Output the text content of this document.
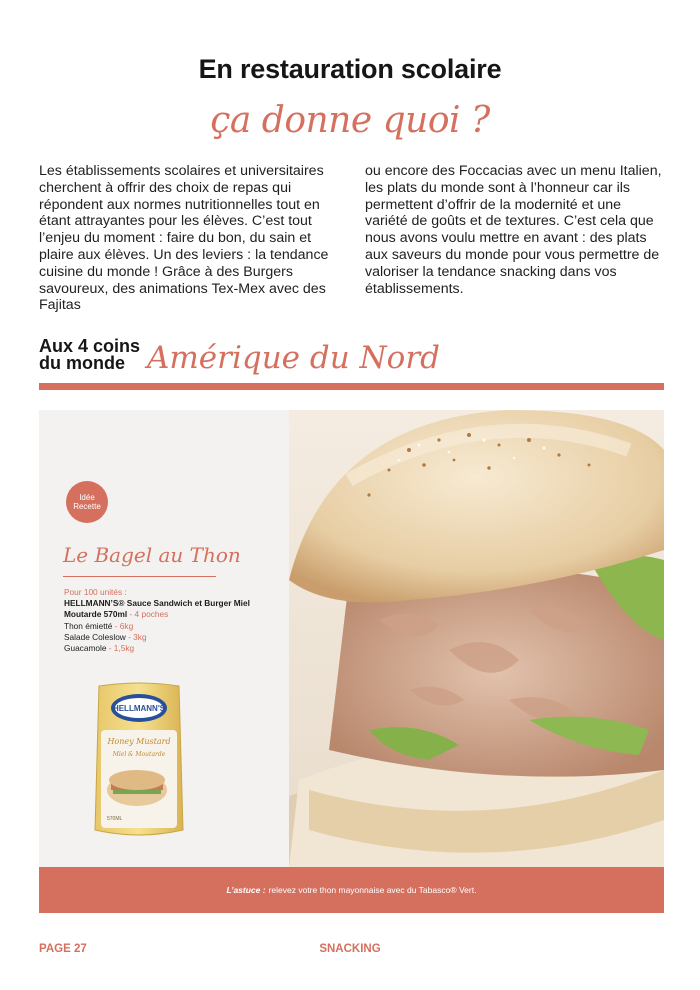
En restauration scolaire
ça donne quoi ?
Les établissements scolaires et universitaires cherchent à offrir des choix de repas qui répondent aux normes nutritionnelles tout en étant attrayantes pour les élèves. C’est tout l’enjeu du moment : faire du bon, du sain et plaire aux élèves. Un des leviers : la tendance cuisine du monde ! Grâce à des Burgers savoureux, des animations Tex-Mex avec des Fajitas
ou encore des Foccacias avec un menu Italien, les plats du monde sont à l’honneur car ils permettent d’offrir de la modernité et une variété de goûts et de textures. C’est cela que nous avons voulu mettre en avant : des plats aux saveurs du monde pour vous permettre de valoriser la tendance snacking dans vos établissements.
Aux 4 coins
du monde Amérique du Nord
Idée
Recette
Le Bagel au Thon
Pour 100 unités :
HELLMANN’S® Sauce Sandwich et Burger Miel Moutarde 570ml - 4 poches
Thon émietté - 6kg
Salade Coleslow - 3kg
Guacamole - 1,5kg
HELLMANN'S
Honey Mustard
Miel & Moutarde
570ML
L’astuce : relevez votre thon mayonnaise avec du Tabasco® Vert.
PAGE 27	SNACKING
